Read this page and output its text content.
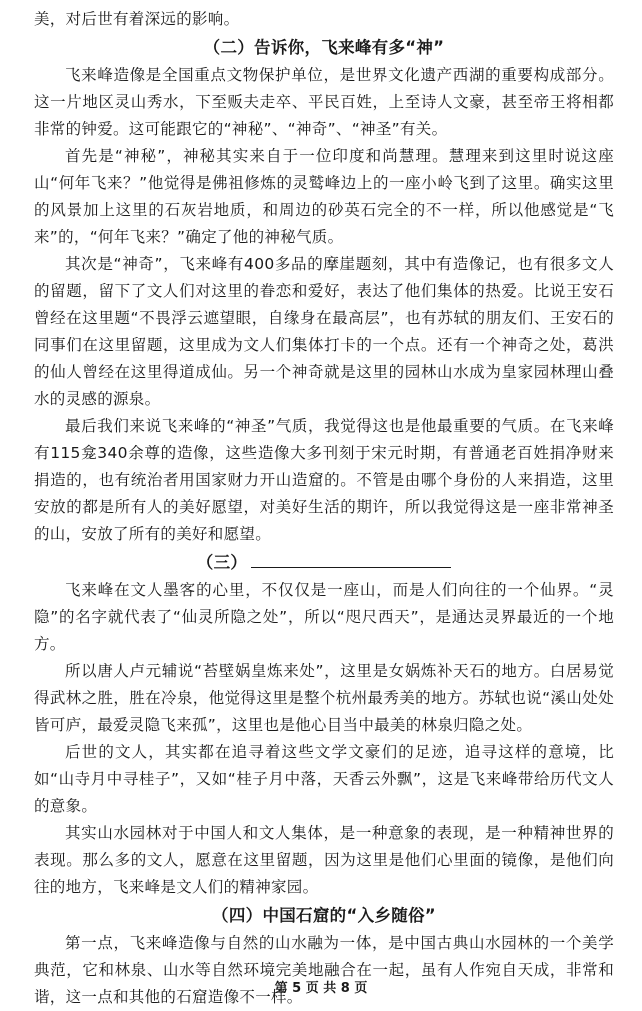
美，对后世有着深远的影响。

（二）告诉你，飞来峰有多“神”

飞来峰造像是全国重点文物保护单位，是世界文化遗产西湖的重要构成部分。这一片地区灵山秀水，下至贩夫走卒、平民百姓，上至诗人文豪，甚至帝王将相都非常的钟爱。这可能跟它的“神秘”、“神奇”、“神圣”有关。

首先是“神秘”，神秘其实来自于一位印度和尚慧理。慧理来到这里时说这座山“何年飞来？”他觉得是佛祖修炼的灵鹫峰边上的一座小岭飞到了这里。确实这里的风景加上这里的石灰岩地质，和周边的砂英石完全的不一样，所以他感觉是“飞来”的，“何年飞来？”确定了他的神秘气质。

其次是“神奇”，飞来峰有400多品的摩崖题刻，其中有造像记，也有很多文人的留题，留下了文人们对这里的眷恋和爱好，表达了他们集体的热爱。比说王安石曾经在这里题“不畏浮云遮望眼，自缘身在最高层”，也有苏轼的朋友们、王安石的同事们在这里留题，这里成为文人们集体打卡的一个点。还有一个神奇之处，葛洪的仙人曾经在这里得道成仙。另一个神奇就是这里的园林山水成为皇家园林理山叠水的灵感的源泉。

最后我们来说飞来峰的“神圣”气质，我觉得这也是他最重要的气质。在飞来峰有115龛340余尊的造像，这些造像大多刊刻于宋元时期，有普通老百姓捐净财来捐造的，也有统治者用国家财力开山造窟的。不管是由哪个身份的人来捐造，这里安放的都是所有人的美好愿望，对美好生活的期许，所以我觉得这是一座非常神圣的山，安放了所有的美好和愿望。

（三）

飞来峰在文人墨客的心里，不仅仅是一座山，而是人们向往的一个仙界。“灵隐”的名字就代表了“仙灵所隐之处”，所以“咫尺西天”，是通达灵界最近的一个地方。

所以唐人卢元辅说“苔壁娲皇炼来处”，这里是女娲炼补天石的地方。白居易觉得武林之胜，胜在冷泉，他觉得这里是整个杭州最秀美的地方。苏轼也说“溪山处处皆可庐，最爱灵隐飞来孤”，这里也是他心目当中最美的林泉归隐之处。

后世的文人，其实都在追寻着这些文学文豪们的足迹，追寻这样的意境，比如“山寺月中寻桂子”，又如“桂子月中落，天香云外飘”，这是飞来峰带给历代文人的意象。

其实山水园林对于中国人和文人集体，是一种意象的表现，是一种精神世界的表现。那么多的文人，愿意在这里留题，因为这里是他们心里面的镜像，是他们向往的地方，飞来峰是文人们的精神家园。

（四）中国石窟的“入乡随俗”

第一点，飞来峰造像与自然的山水融为一体，是中国古典山水园林的一个美学典范，它和林泉、山水等自然环境完美地融合在一起，虽有人作宛自天成，非常和谐，这一点和其他的石窟造像不一样。

第 5 页 共 8 页
